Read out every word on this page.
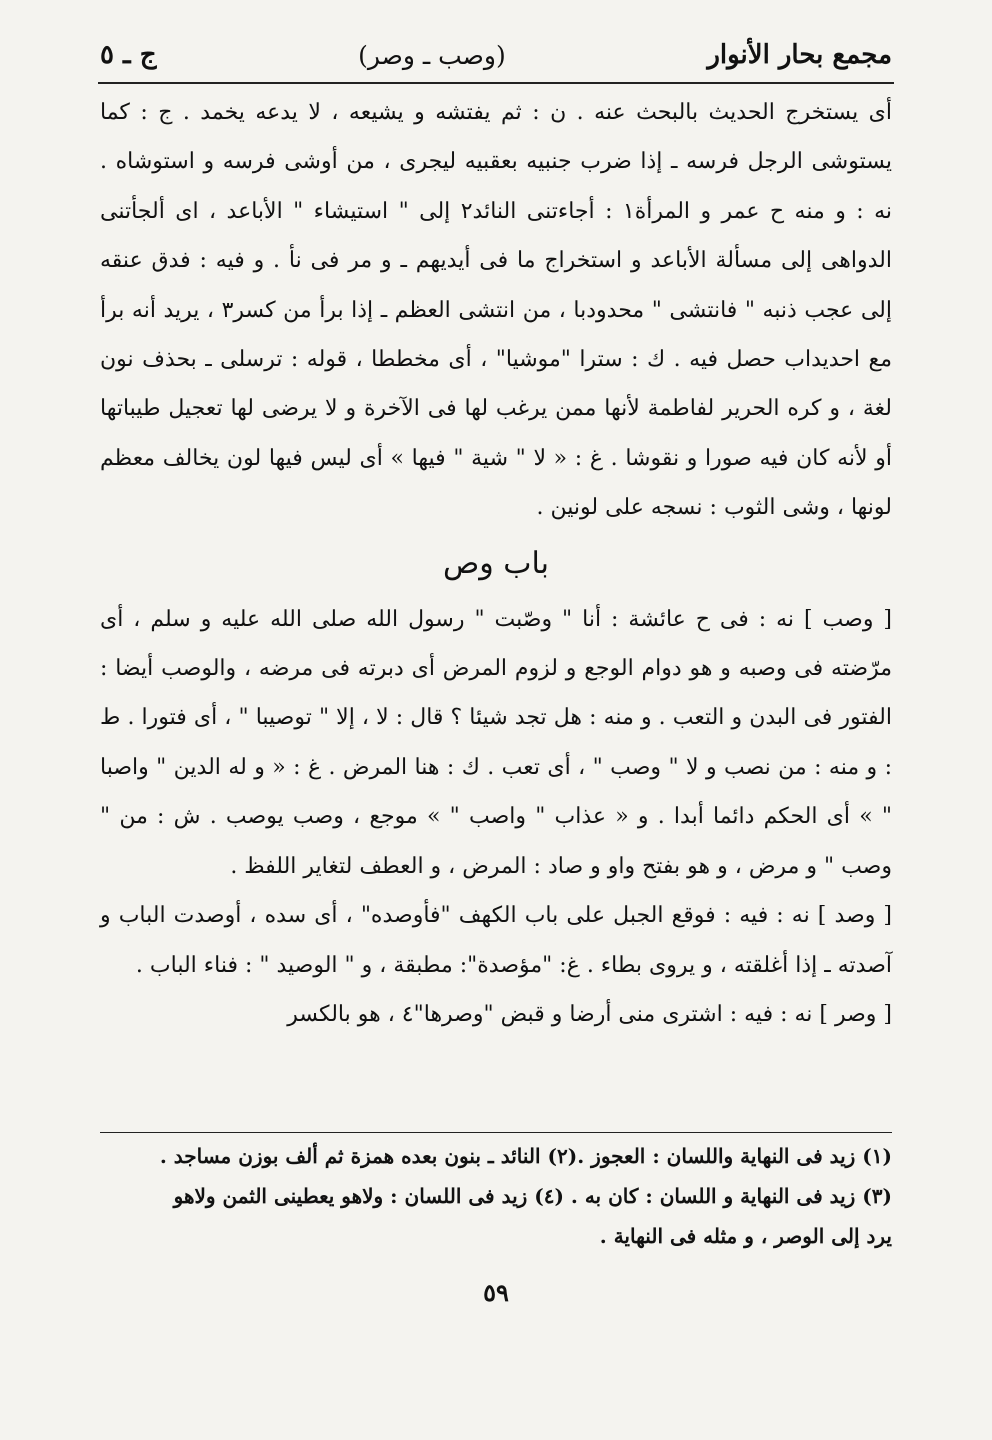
مجمع بحار الأنوار
(وصب ـ وصر)
ج ـ ٥

أى يستخرج الحديث بالبحث عنه . ن : ثم يفتشه و يشيعه ، لا يدعه يخمد . ج : كما يستوشى الرجل فرسه ـ إذا ضرب جنبيه بعقبيه ليجرى ، من أوشى فرسه و استوشاه . نه : و منه ح عمر و المرأة١ : أجاءتنى النائد٢ إلى " استيشاء " الأباعد ، اى ألجأتنى الدواهى إلى مسألة الأباعد و استخراج ما فى أيديهم ـ و مر فى نأ . و فيه : فدق عنقه إلى عجب ذنبه " فانتشى " محدودبا ، من انتشى العظم ـ إذا برأ من كسر٣ ، يريد أنه برأ مع احديداب حصل فيه . ك : سترا "موشيا" ، أى مخططا ، قوله : ترسلى ـ بحذف نون لغة ، و كره الحرير لفاطمة لأنها ممن يرغب لها فى الآخرة و لا يرضى لها تعجيل طيباتها أو لأنه كان فيه صورا و نقوشا . غ : « لا " شية " فيها » أى ليس فيها لون يخالف معظم لونها ، وشى الثوب : نسجه على لونين .

باب وص

[ وصب ] نه : فى ح عائشة : أنا " وصّبت " رسول الله صلى الله عليه و سلم ، أى مرّضته فى وصبه و هو دوام الوجع و لزوم المرض أى دبرته فى مرضه ، والوصب أيضا : الفتور فى البدن و التعب . و منه : هل تجد شيئا ؟ قال : لا ، إلا " توصيبا " ، أى فتورا . ط : و منه : من نصب و لا " وصب " ، أى تعب . ك : هنا المرض . غ : « و له الدين " واصبا " » أى الحكم دائما أبدا . و « عذاب " واصب " » موجع ، وصب يوصب . ش : من " وصب " و مرض ، و هو بفتح واو و صاد : المرض ، و العطف لتغاير اللفظ .

[ وصد ] نه : فيه : فوقع الجبل على باب الكهف "فأوصده" ، أى سده ، أوصدت الباب و آصدته ـ إذا أغلقته ، و يروى بطاء . غ: "مؤصدة": مطبقة ، و " الوصيد " : فناء الباب .

[ وصر ] نه : فيه : اشترى منى أرضا و قبض "وصرها"٤ ، هو بالكسر

(١) زيد فى النهاية واللسان : العجوز .(٢) النائد ـ بنون بعده همزة ثم ألف بوزن مساجد .

(٣) زيد فى النهاية و اللسان : كان به . (٤) زيد فى اللسان : ولاهو يعطينى الثمن ولاهو

يرد إلى الوصر ، و مثله فى النهاية .

٥٩
